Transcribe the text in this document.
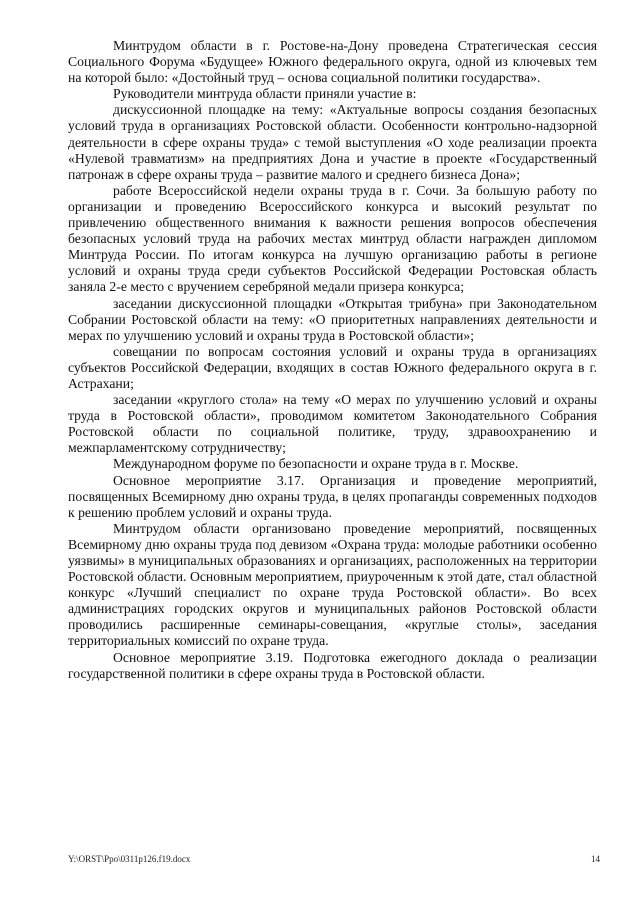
Минтрудом области в г. Ростове-на-Дону проведена Стратегическая сессия Социального Форума «Будущее» Южного федерального округа, одной из ключевых тем на которой было: «Достойный труд – основа социальной политики государства».

Руководители минтруда области приняли участие в:

дискуссионной площадке на тему: «Актуальные вопросы создания безопасных условий труда в организациях Ростовской области. Особенности контрольно-надзорной деятельности в сфере охраны труда» с темой выступления «О ходе реализации проекта «Нулевой травматизм» на предприятиях Дона и участие в проекте «Государственный патронаж в сфере охраны труда – развитие малого и среднего бизнеса Дона»;

работе Всероссийской недели охраны труда в г. Сочи. За большую работу по организации и проведению Всероссийского конкурса и высокий результат по привлечению общественного внимания к важности решения вопросов обеспечения безопасных условий труда на рабочих местах минтруд области награжден дипломом Минтруда России. По итогам конкурса на лучшую организацию работы в регионе условий и охраны труда среди субъектов Российской Федерации Ростовская область заняла 2-е место с вручением серебряной медали призера конкурса;

заседании дискуссионной площадки «Открытая трибуна» при Законодательном Собрании Ростовской области на тему: «О приоритетных направлениях деятельности и мерах по улучшению условий и охраны труда в Ростовской области»;

совещании по вопросам состояния условий и охраны труда в организациях субъектов Российской Федерации, входящих в состав Южного федерального округа в г. Астрахани;

заседании «круглого стола» на тему «О мерах по улучшению условий и охраны труда в Ростовской области», проводимом комитетом Законодательного Собрания Ростовской области по социальной политике, труду, здравоохранению и межпарламентскому сотрудничеству;

Международном форуме по безопасности и охране труда в г. Москве.

Основное мероприятие 3.17. Организация и проведение мероприятий, посвященных Всемирному дню охраны труда, в целях пропаганды современных подходов к решению проблем условий и охраны труда.

Минтрудом области организовано проведение мероприятий, посвященных Всемирному дню охраны труда под девизом «Охрана труда: молодые работники особенно уязвимы» в муниципальных образованиях и организациях, расположенных на территории Ростовской области. Основным мероприятием, приуроченным к этой дате, стал областной конкурс «Лучший специалист по охране труда Ростовской области». Во всех администрациях городских округов и муниципальных районов Ростовской области проводились расширенные семинары-совещания, «круглые столы», заседания территориальных комиссий по охране труда.

Основное мероприятие 3.19. Подготовка ежегодного доклада о реализации государственной политики в сфере охраны труда в Ростовской области.

Y:\ORST\Ppo\0311p126.f19.docx	14
